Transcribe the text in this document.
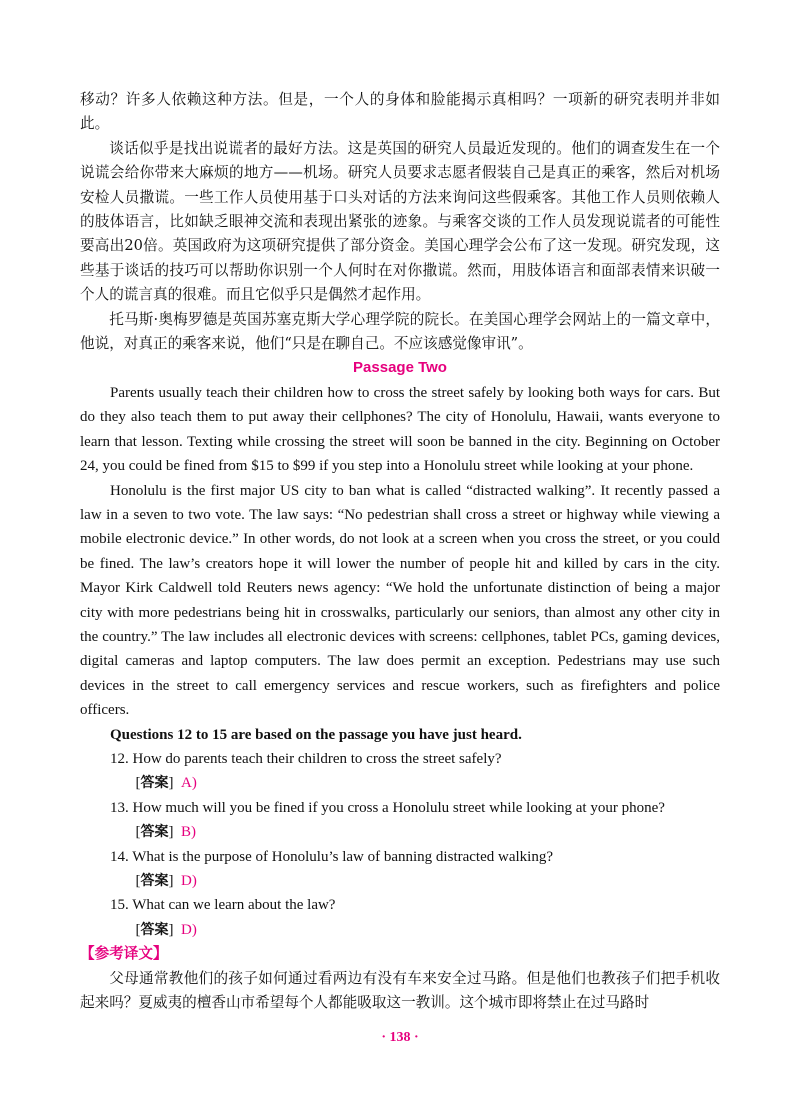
移动？许多人依赖这种方法。但是，一个人的身体和脸能揭示真相吗？一项新的研究表明并非如此。

谈话似乎是找出说谎者的最好方法。这是英国的研究人员最近发现的。他们的调查发生在一个说谎会给你带来大麻烦的地方——机场。研究人员要求志愿者假装自己是真正的乘客，然后对机场安检人员撒谎。一些工作人员使用基于口头对话的方法来询问这些假乘客。其他工作人员则依赖人的肢体语言，比如缺乏眼神交流和表现出紧张的迹象。与乘客交谈的工作人员发现说谎者的可能性要高出20倍。英国政府为这项研究提供了部分资金。美国心理学会公布了这一发现。研究发现，这些基于谈话的技巧可以帮助你识别一个人何时在对你撒谎。然而，用肢体语言和面部表情来识破一个人的谎言真的很难。而且它似乎只是偶然才起作用。

托马斯·奥梅罗德是英国苏塞克斯大学心理学院的院长。在美国心理学会网站上的一篇文章中，他说，对真正的乘客来说，他们“只是在聊自己。不应该感觉像审讯”。

Passage Two

Parents usually teach their children how to cross the street safely by looking both ways for cars. But do they also teach them to put away their cellphones? The city of Honolulu, Hawaii, wants everyone to learn that lesson. Texting while crossing the street will soon be banned in the city. Beginning on October 24, you could be fined from $15 to $99 if you step into a Honolulu street while looking at your phone.

Honolulu is the first major US city to ban what is called “distracted walking”. It recently passed a law in a seven to two vote. The law says: “No pedestrian shall cross a street or highway while viewing a mobile electronic device.” In other words, do not look at a screen when you cross the street, or you could be fined. The law’s creators hope it will lower the number of people hit and killed by cars in the city. Mayor Kirk Caldwell told Reuters news agency: “We hold the unfortunate distinction of being a major city with more pedestrians being hit in crosswalks, particularly our seniors, than almost any other city in the country.” The law includes all electronic devices with screens: cellphones, tablet PCs, gaming devices, digital cameras and laptop computers. The law does permit an exception. Pedestrians may use such devices in the street to call emergency services and rescue workers, such as firefighters and police officers.

Questions 12 to 15 are based on the passage you have just heard.

12. How do parents teach their children to cross the street safely?

[答案] A)

13. How much will you be fined if you cross a Honolulu street while looking at your phone?

[答案] B)

14. What is the purpose of Honolulu’s law of banning distracted walking?

[答案] D)

15. What can we learn about the law?

[答案] D)

【参考译文】

父母通常教他们的孩子如何通过看两边有没有车来安全过马路。但是他们也教孩子们把手机收起来吗？夏威夷的檀香山市希望每个人都能吸取这一教训。这个城市即将禁止在过马路时

· 138 ·
